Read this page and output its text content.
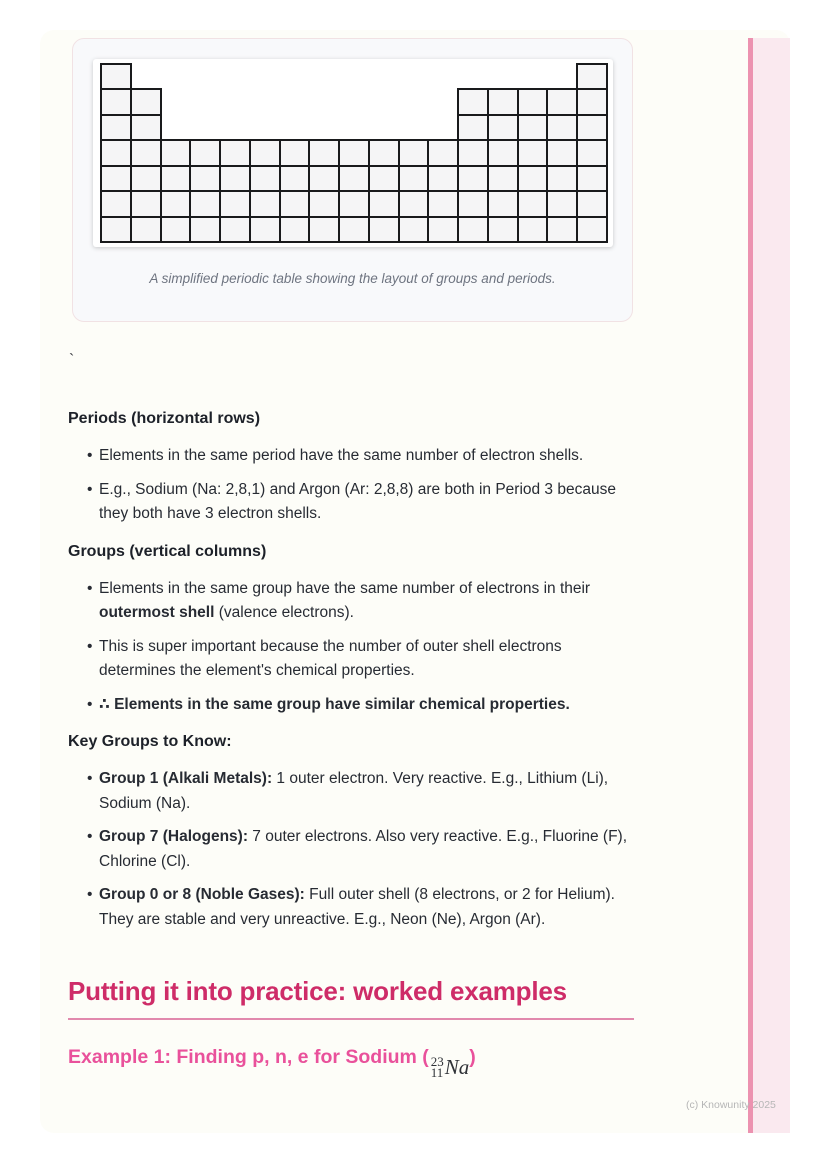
A simplified periodic table showing the layout of groups and periods.
`
Periods (horizontal rows)
• Elements in the same period have the same number of electron shells.
• E.g., Sodium (Na: 2,8,1) and Argon (Ar: 2,8,8) are both in Period 3 because they both have 3 electron shells.
Groups (vertical columns)
• Elements in the same group have the same number of electrons in their outermost shell (valence electrons).
• This is super important because the number of outer shell electrons determines the element's chemical properties.
• ∴ Elements in the same group have similar chemical properties.
Key Groups to Know:
• Group 1 (Alkali Metals): 1 outer electron. Very reactive. E.g., Lithium (Li), Sodium (Na).
• Group 7 (Halogens): 7 outer electrons. Also very reactive. E.g., Fluorine (F), Chlorine (Cl).
• Group 0 or 8 (Noble Gases): Full outer shell (8 electrons, or 2 for Helium). They are stable and very unreactive. E.g., Neon (Ne), Argon (Ar).
Putting it into practice: worked examples
Example 1: Finding p, n, e for Sodium ( 23
11 Na )
(c) Knowunity 2025
